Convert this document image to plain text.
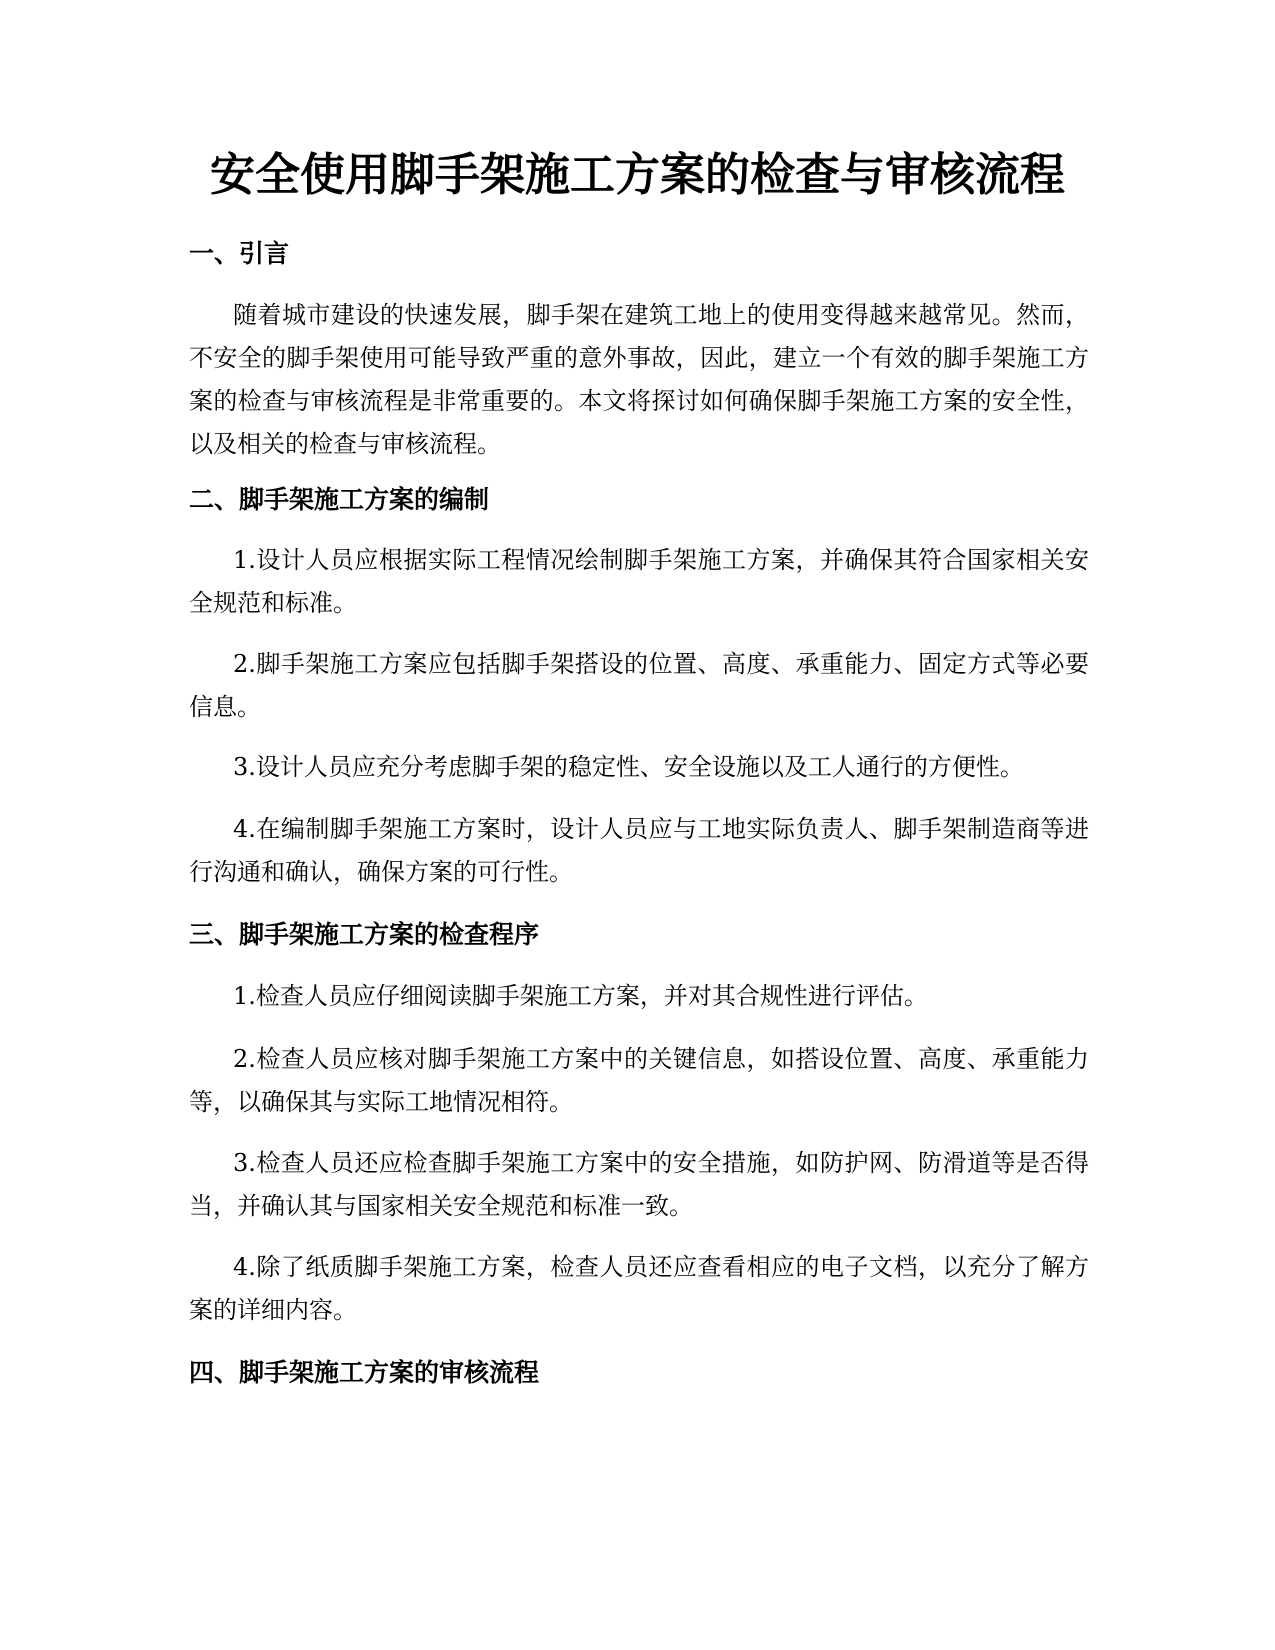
安全使用脚手架施工方案的检查与审核流程
一、引言

随着城市建设的快速发展，脚手架在建筑工地上的使用变得越来越常见。然而，不安全的脚手架使用可能导致严重的意外事故，因此，建立一个有效的脚手架施工方案的检查与审核流程是非常重要的。本文将探讨如何确保脚手架施工方案的安全性，以及相关的检查与审核流程。

二、脚手架施工方案的编制

1.设计人员应根据实际工程情况绘制脚手架施工方案，并确保其符合国家相关安全规范和标准。

2.脚手架施工方案应包括脚手架搭设的位置、高度、承重能力、固定方式等必要信息。

3.设计人员应充分考虑脚手架的稳定性、安全设施以及工人通行的方便性。

4.在编制脚手架施工方案时，设计人员应与工地实际负责人、脚手架制造商等进行沟通和确认，确保方案的可行性。

三、脚手架施工方案的检查程序

1.检查人员应仔细阅读脚手架施工方案，并对其合规性进行评估。

2.检查人员应核对脚手架施工方案中的关键信息，如搭设位置、高度、承重能力等，以确保其与实际工地情况相符。

3.检查人员还应检查脚手架施工方案中的安全措施，如防护网、防滑道等是否得当，并确认其与国家相关安全规范和标准一致。

4.除了纸质脚手架施工方案，检查人员还应查看相应的电子文档，以充分了解方案的详细内容。

四、脚手架施工方案的审核流程
